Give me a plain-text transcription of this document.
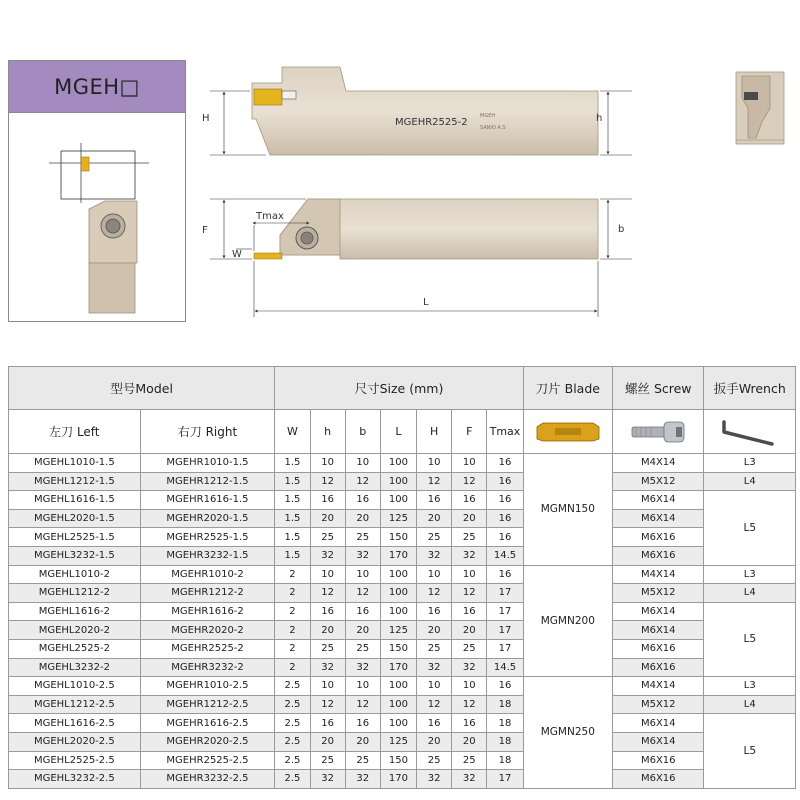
MGEH□
MGEHR2525-2
MGEH
SANIO A.S
H	h
F
W
Tmax
b
L
型号Model		尺寸Size (mm)							刀片 Blade	螺丝 Screw	扳手Wrench
左刀 Left	右刀 Right	W	h	b	L	H	F	Tmax	

MGEHL1010-1.5	MGEHR1010-1.5	1.5	10	10	100	10	10	16	MGMN150	M4X14	L3
MGEHL1212-1.5	MGEHR1212-1.5	1.5	12	12	100	12	12	16		M5X12	L4
MGEHL1616-1.5	MGEHR1616-1.5	1.5	16	16	100	16	16	16		M6X14	L5
MGEHL2020-1.5	MGEHR2020-1.5	1.5	20	20	125	20	20	16		M6X14	
MGEHL2525-1.5	MGEHR2525-1.5	1.5	25	25	150	25	25	16		M6X16	
MGEHL3232-1.5	MGEHR3232-1.5	1.5	32	32	170	32	32	14.5		M6X16	
MGEHL1010-2	MGEHR1010-2	2	10	10	100	10	10	16	MGMN200	M4X14	L3
MGEHL1212-2	MGEHR1212-2	2	12	12	100	12	12	17		M5X12	L4
MGEHL1616-2	MGEHR1616-2	2	16	16	100	16	16	17		M6X14	L5
MGEHL2020-2	MGEHR2020-2	2	20	20	125	20	20	17		M6X14	
MGEHL2525-2	MGEHR2525-2	2	25	25	150	25	25	17		M6X16	
MGEHL3232-2	MGEHR3232-2	2	32	32	170	32	32	14.5		M6X16	
MGEHL1010-2.5	MGEHR1010-2.5	2.5	10	10	100	10	10	16	MGMN250	M4X14	L3
MGEHL1212-2.5	MGEHR1212-2.5	2.5	12	12	100	12	12	18		M5X12	L4
MGEHL1616-2.5	MGEHR1616-2.5	2.5	16	16	100	16	16	18		M6X14	L5
MGEHL2020-2.5	MGEHR2020-2.5	2.5	20	20	125	20	20	18		M6X14	
MGEHL2525-2.5	MGEHR2525-2.5	2.5	25	25	150	25	25	18		M6X16	
MGEHL3232-2.5	MGEHR3232-2.5	2.5	32	32	170	32	32	17		M6X16	
